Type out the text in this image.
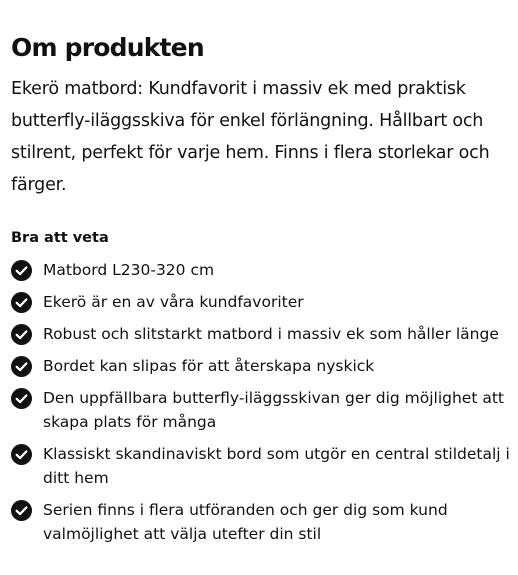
Om produkten

Ekerö matbord: Kundfavorit i massiv ek med praktisk butterfly-iläggsskiva för enkel förlängning. Hållbart och stilrent, perfekt för varje hem. Finns i flera storlekar och färger.

Bra att veta
Matbord L230-320 cm
Ekerö är en av våra kundfavoriter
Robust och slitstarkt matbord i massiv ek som håller länge
Bordet kan slipas för att återskapa nyskick
Den uppfällbara butterfly-iläggsskivan ger dig möjlighet att skapa plats för många
Klassiskt skandinaviskt bord som utgör en central stildetalj i ditt hem
Serien finns i flera utföranden och ger dig som kund valmöjlighet att välja utefter din stil
